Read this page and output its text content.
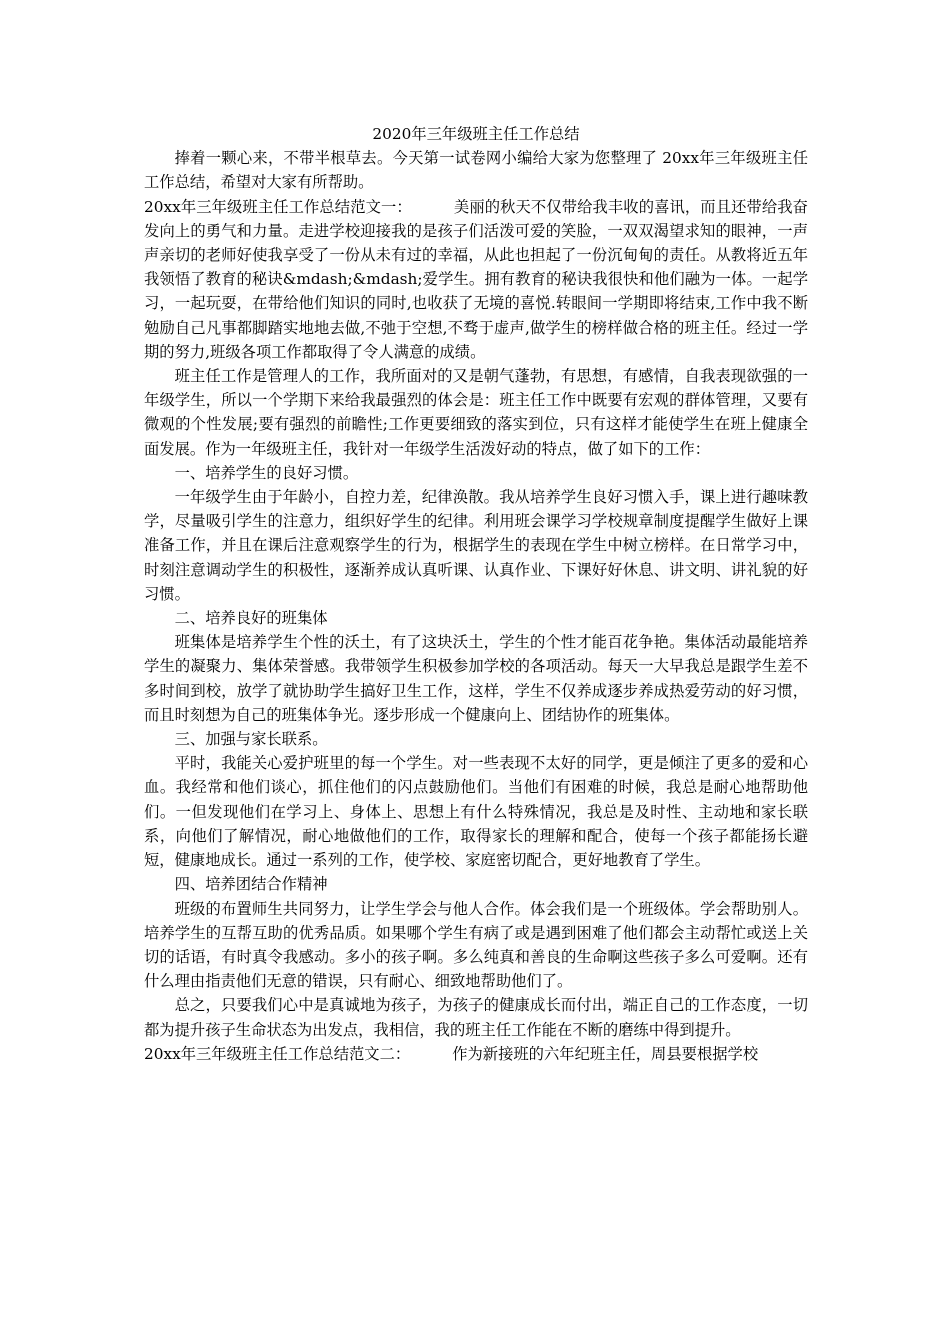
2020年三年级班主任工作总结

捧着一颗心来，不带半根草去。今天第一试卷网小编给大家为您整理了 20xx年三年级班主任工作总结，希望对大家有所帮助。

20xx年三年级班主任工作总结范文一：	美丽的秋天不仅带给我丰收的喜讯，而且还带给我奋发向上的勇气和力量。走进学校迎接我的是孩子们活泼可爱的笑脸，一双双渴望求知的眼神，一声声亲切的老师好使我享受了一份从未有过的幸福，从此也担起了一份沉甸甸的责任。从教将近五年我领悟了教育的秘诀&mdash;&mdash;爱学生。拥有教育的秘诀我很快和他们融为一体。一起学习，一起玩耍，在带给他们知识的同时,也收获了无境的喜悦.转眼间一学期即将结束,工作中我不断勉励自己凡事都脚踏实地地去做,不弛于空想,不骛于虚声,做学生的榜样做合格的班主任。经过一学期的努力,班级各项工作都取得了令人满意的成绩。

班主任工作是管理人的工作，我所面对的又是朝气蓬勃，有思想，有感情，自我表现欲强的一年级学生，所以一个学期下来给我最强烈的体会是：班主任工作中既要有宏观的群体管理，又要有微观的个性发展;要有强烈的前瞻性;工作更要细致的落实到位，只有这样才能使学生在班上健康全面发展。作为一年级班主任，我针对一年级学生活泼好动的特点，做了如下的工作：

一、培养学生的良好习惯。

一年级学生由于年龄小，自控力差，纪律涣散。我从培养学生良好习惯入手，课上进行趣味教学，尽量吸引学生的注意力，组织好学生的纪律。利用班会课学习学校规章制度提醒学生做好上课准备工作，并且在课后注意观察学生的行为，根据学生的表现在学生中树立榜样。在日常学习中，时刻注意调动学生的积极性，逐渐养成认真听课、认真作业、下课好好休息、讲文明、讲礼貌的好习惯。

二、培养良好的班集体

班集体是培养学生个性的沃土，有了这块沃土，学生的个性才能百花争艳。集体活动最能培养学生的凝聚力、集体荣誉感。我带领学生积极参加学校的各项活动。每天一大早我总是跟学生差不多时间到校，放学了就协助学生搞好卫生工作，这样，学生不仅养成逐步养成热爱劳动的好习惯，而且时刻想为自己的班集体争光。逐步形成一个健康向上、团结协作的班集体。

三、加强与家长联系。

平时，我能关心爱护班里的每一个学生。对一些表现不太好的同学，更是倾注了更多的爱和心血。我经常和他们谈心，抓住他们的闪点鼓励他们。当他们有困难的时候，我总是耐心地帮助他们。一但发现他们在学习上、身体上、思想上有什么特殊情况，我总是及时性、主动地和家长联系，向他们了解情况，耐心地做他们的工作，取得家长的理解和配合，使每一个孩子都能扬长避短，健康地成长。通过一系列的工作，使学校、家庭密切配合，更好地教育了学生。

四、培养团结合作精神

班级的布置师生共同努力，让学生学会与他人合作。体会我们是一个班级体。学会帮助别人。培养学生的互帮互助的优秀品质。如果哪个学生有病了或是遇到困难了他们都会主动帮忙或送上关切的话语，有时真令我感动。多小的孩子啊。多么纯真和善良的生命啊这些孩子多么可爱啊。还有什么理由指责他们无意的错误，只有耐心、细致地帮助他们了。

总之，只要我们心中是真诚地为孩子，为孩子的健康成长而付出，端正自己的工作态度，一切都为提升孩子生命状态为出发点，我相信，我的班主任工作能在不断的磨练中得到提升。

20xx年三年级班主任工作总结范文二：	作为新接班的六年纪班主任，周县要根据学校
